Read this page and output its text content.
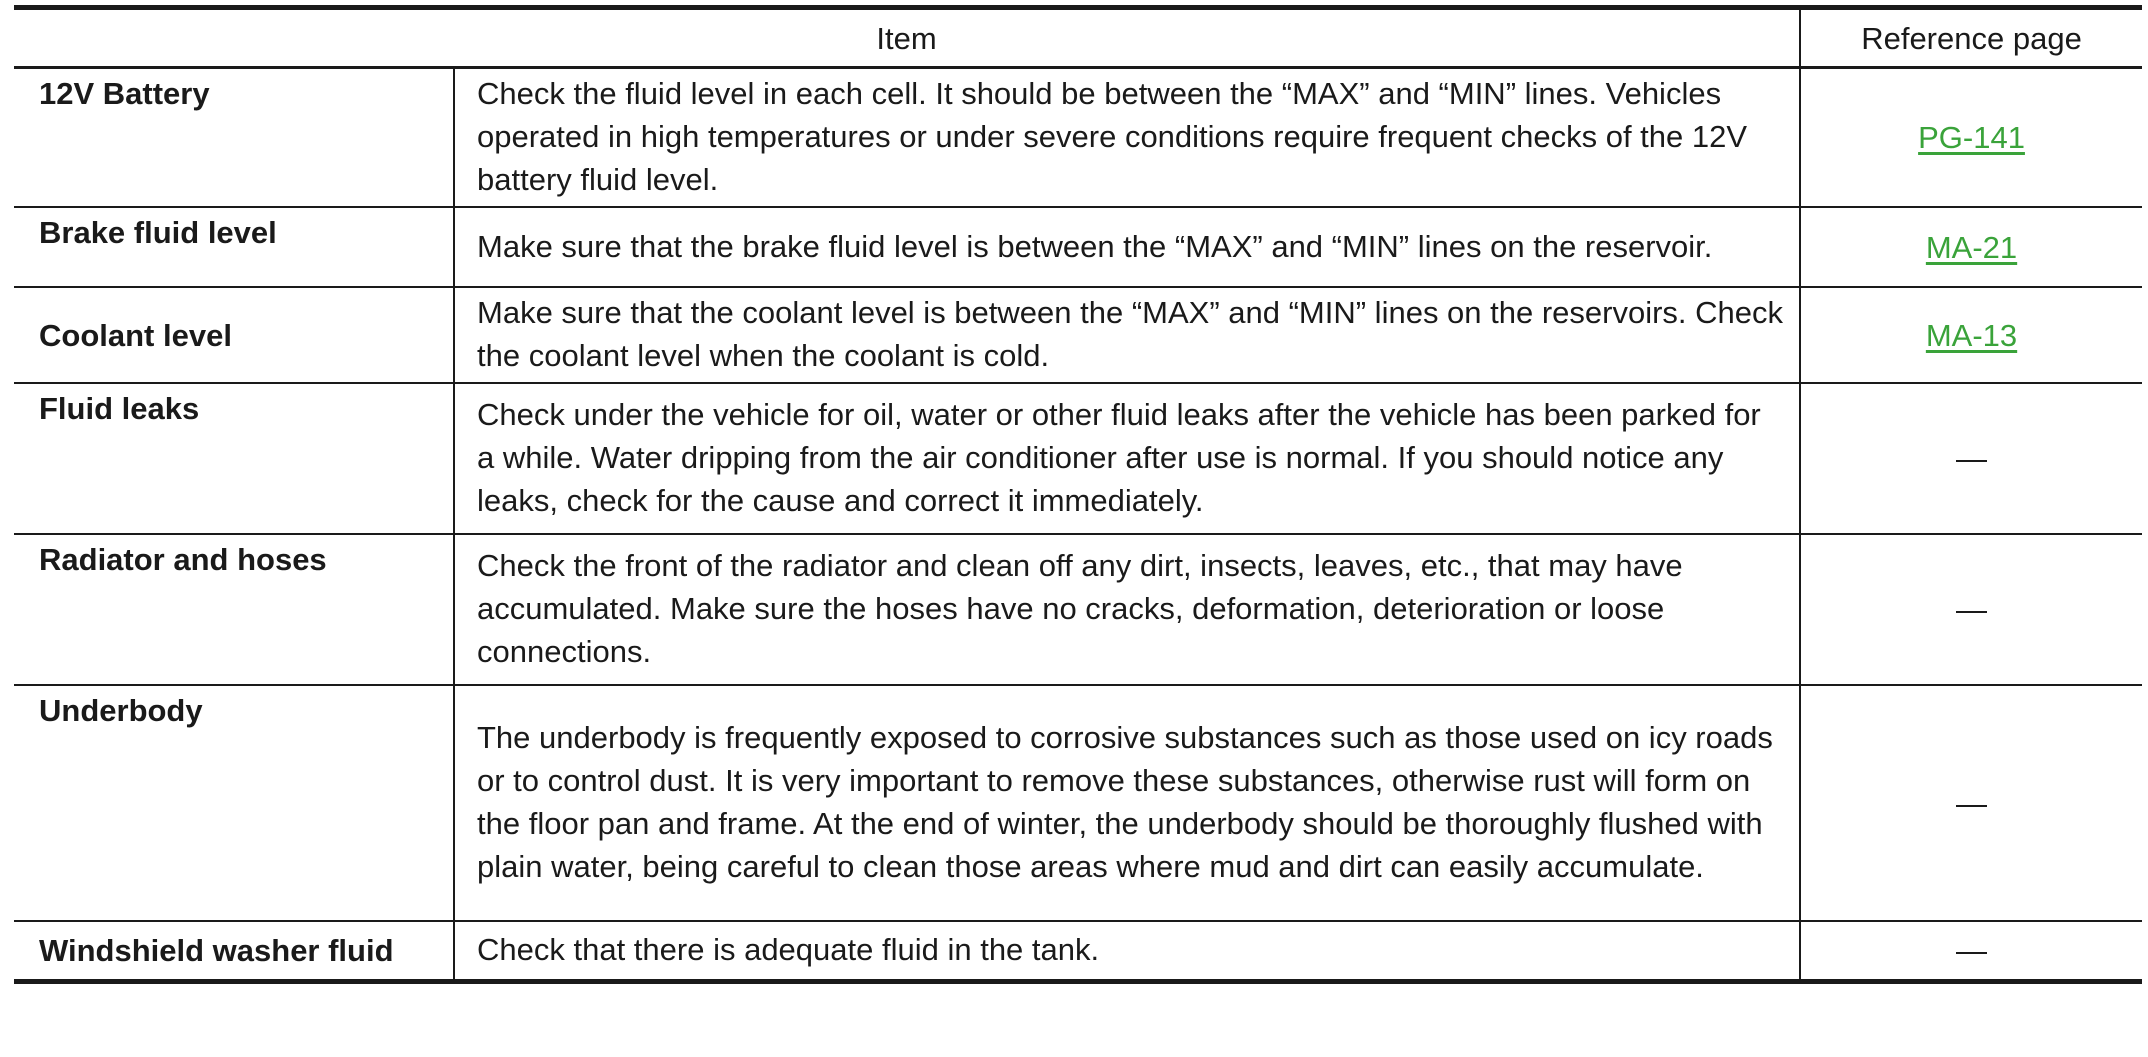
Item		Reference page
12V Battery	Check the fluid level in each cell. It should be between the “MAX” and “MIN” lines. Vehicles operated in high temperatures or under severe conditions require frequent checks of the 12V battery fluid level.	PG-141
Brake fluid level	Make sure that the brake fluid level is between the “MAX” and “MIN” lines on the reservoir.	MA-21
Coolant level	Make sure that the coolant level is between the “MAX” and “MIN” lines on the reservoirs. Check the coolant level when the coolant is cold.	MA-13
Fluid leaks	Check under the vehicle for oil, water or other fluid leaks after the vehicle has been parked for a while. Water dripping from the air conditioner after use is normal. If you should notice any leaks, check for the cause and correct it immediately.	—
Radiator and hoses	Check the front of the radiator and clean off any dirt, insects, leaves, etc., that may have accumulated. Make sure the hoses have no cracks, deformation, deterioration or loose connections.	—
Underbody	The underbody is frequently exposed to corrosive substances such as those used on icy roads or to control dust. It is very important to remove these substances, otherwise rust will form on the floor pan and frame. At the end of winter, the underbody should be thoroughly flushed with plain water, being careful to clean those areas where mud and dirt can easily accumulate.	—
Windshield washer fluid	Check that there is adequate fluid in the tank.	—
